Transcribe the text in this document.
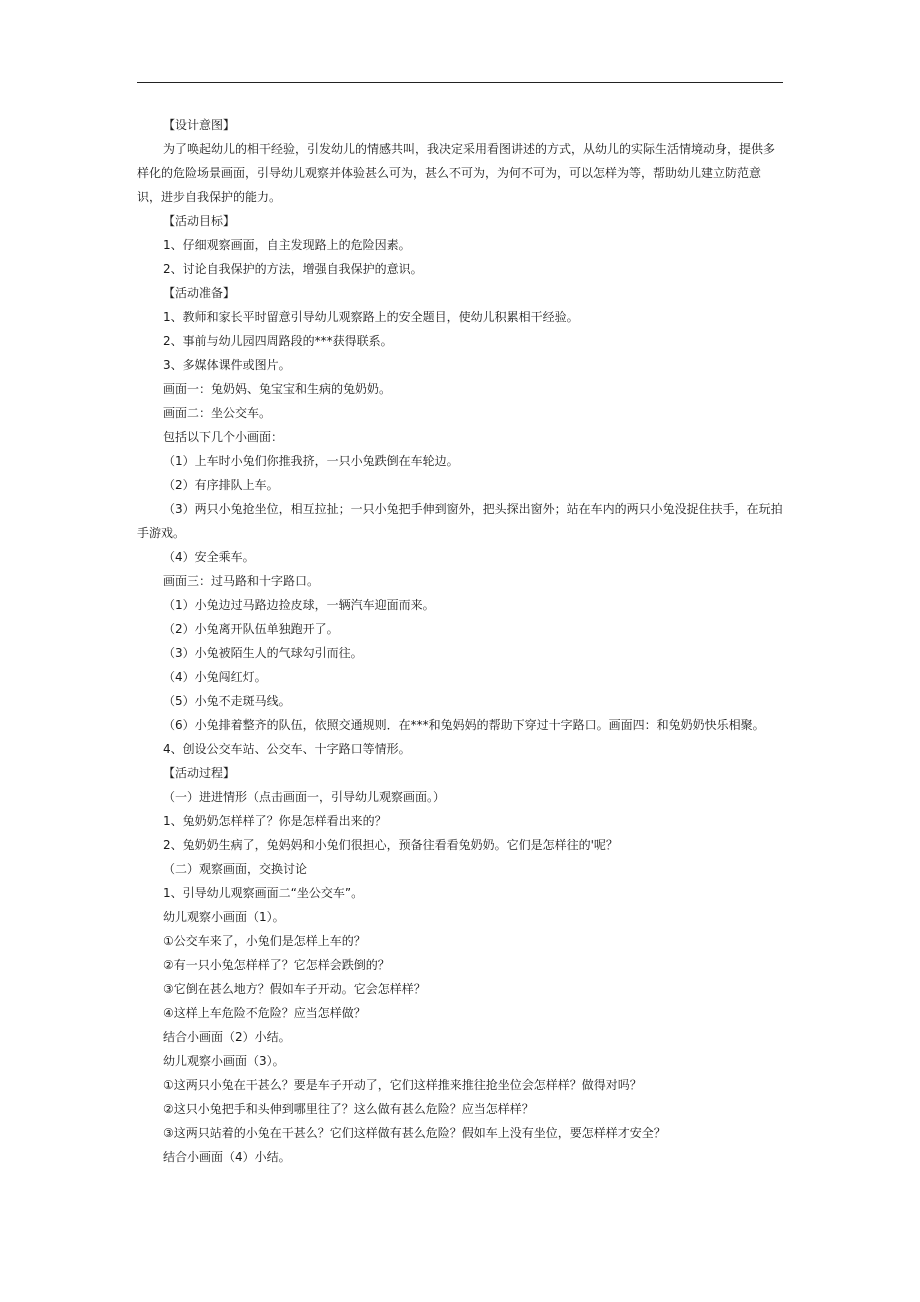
【设计意图】

为了唤起幼儿的相干经验，引发幼儿的情感共叫，我决定采用看图讲述的方式，从幼儿的实际生活情境动身，提供多样化的危险场景画面，引导幼儿观察并体验甚么可为，甚么不可为，为何不可为，可以怎样为等，帮助幼儿建立防范意识，进步自我保护的能力。

【活动目标】

1、仔细观察画面，自主发现路上的危险因素。

2、讨论自我保护的方法，增强自我保护的意识。

【活动准备】

1、教师和家长平时留意引导幼儿观察路上的安全题目，使幼儿积累相干经验。

2、事前与幼儿园四周路段的***获得联系。

3、多媒体课件或图片。

画面一：兔奶妈、兔宝宝和生病的兔奶奶。

画面二：坐公交车。

包括以下几个小画面：

（1）上车时小兔们你推我挤，一只小兔跌倒在车轮边。

（2）有序排队上车。

（3）两只小兔抢坐位，相互拉扯；一只小兔把手伸到窗外，把头探出窗外；站在车内的两只小兔没捉住扶手，在玩拍手游戏。

（4）安全乘车。

画面三：过马路和十字路口。

（1）小兔边过马路边捡皮球，一辆汽车迎面而来。

（2）小兔离开队伍单独跑开了。

（3）小兔被陌生人的气球勾引而往。

（4）小兔闯红灯。

（5）小兔不走斑马线。

（6）小兔排着整齐的队伍，依照交通规则．在***和兔妈妈的帮助下穿过十字路口。画面四：和兔奶奶快乐相聚。

4、创设公交车站、公交车、十字路口等情形。

【活动过程】

（一）进进情形（点击画面一，引导幼儿观察画面。）

1、兔奶奶怎样样了？你是怎样看出来的？

2、兔奶奶生病了，兔妈妈和小兔们很担心，预备往看看兔奶奶。它们是怎样往的'呢？

（二）观察画面，交换讨论

1、引导幼儿观察画面二“坐公交车”。

幼儿观察小画面（1）。

①公交车来了，小兔们是怎样上车的？

②有一只小兔怎样样了？它怎样会跌倒的？

③它倒在甚么地方？假如车子开动。它会怎样样？

④这样上车危险不危险？应当怎样做？

结合小画面（2）小结。

幼儿观察小画面（3）。

①这两只小兔在干甚么？要是车子开动了，它们这样推来推往抢坐位会怎样样？做得对吗？

②这只小兔把手和头伸到哪里往了？这么做有甚么危险？应当怎样样？

③这两只站着的小兔在干甚么？它们这样做有甚么危险？假如车上没有坐位，要怎样样才安全？

结合小画面（4）小结。
